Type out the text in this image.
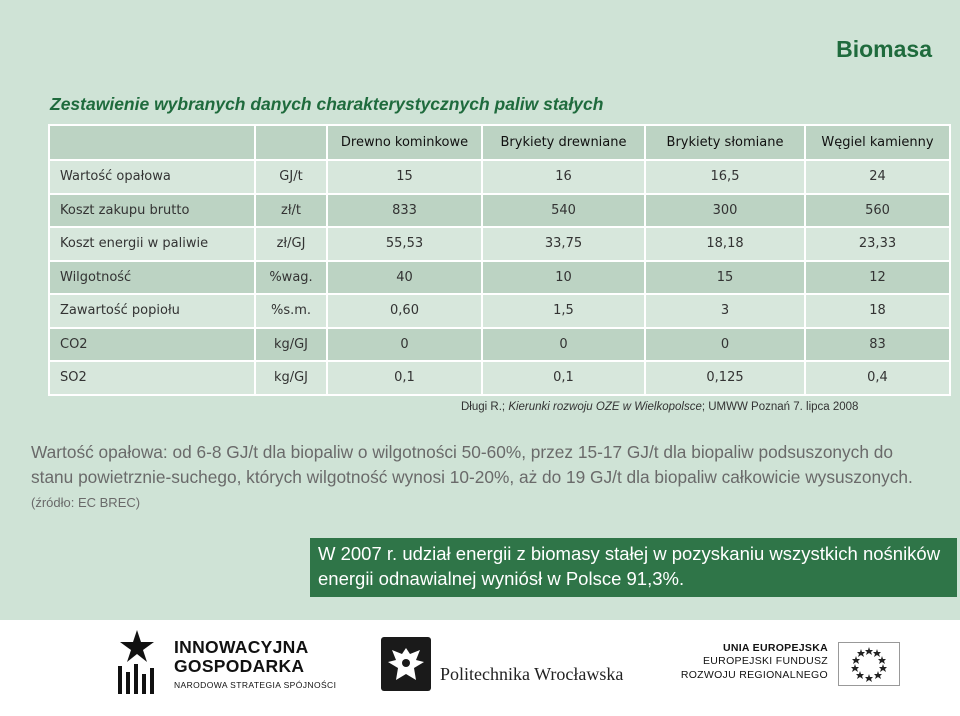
Biomasa
Zestawienie wybranych danych charakterystycznych paliw stałych
		Drewno kominkowe	Brykiety drewniane	Brykiety słomiane	Węgiel kamienny
Wartość opałowa	GJ/t	15	16	16,5	24
Koszt zakupu brutto	zł/t	833	540	300	560
Koszt energii w paliwie	zł/GJ	55,53	33,75	18,18	23,33
Wilgotność	%wag.	40	10	15	12
Zawartość popiołu	%s.m.	0,60	1,5	3	18
CO2	kg/GJ	0	0	0	83
SO2	kg/GJ	0,1	0,1	0,125	0,4
Długi R.; Kierunki rozwoju OZE w Wielkopolsce; UMWW Poznań 7. lipca 2008
Wartość opałowa: od 6-8 GJ/t dla biopaliw o wilgotności 50-60%, przez 15-17 GJ/t dla biopaliw podsuszonych do stanu powietrznie-suchego, których wilgotność wynosi 10-20%, aż do 19 GJ/t dla biopaliw całkowicie wysuszonych. (źródło: EC BREC)
W 2007 r. udział energii z biomasy stałej w pozyskaniu wszystkich nośników energii odnawialnej wyniósł w Polsce 91,3%.
INNOWACYJNA
GOSPODARKA
NARODOWA STRATEGIA SPÓJNOŚCI
Politechnika Wrocławska
UNIA EUROPEJSKA
EUROPEJSKI FUNDUSZ
ROZWOJU REGIONALNEGO
